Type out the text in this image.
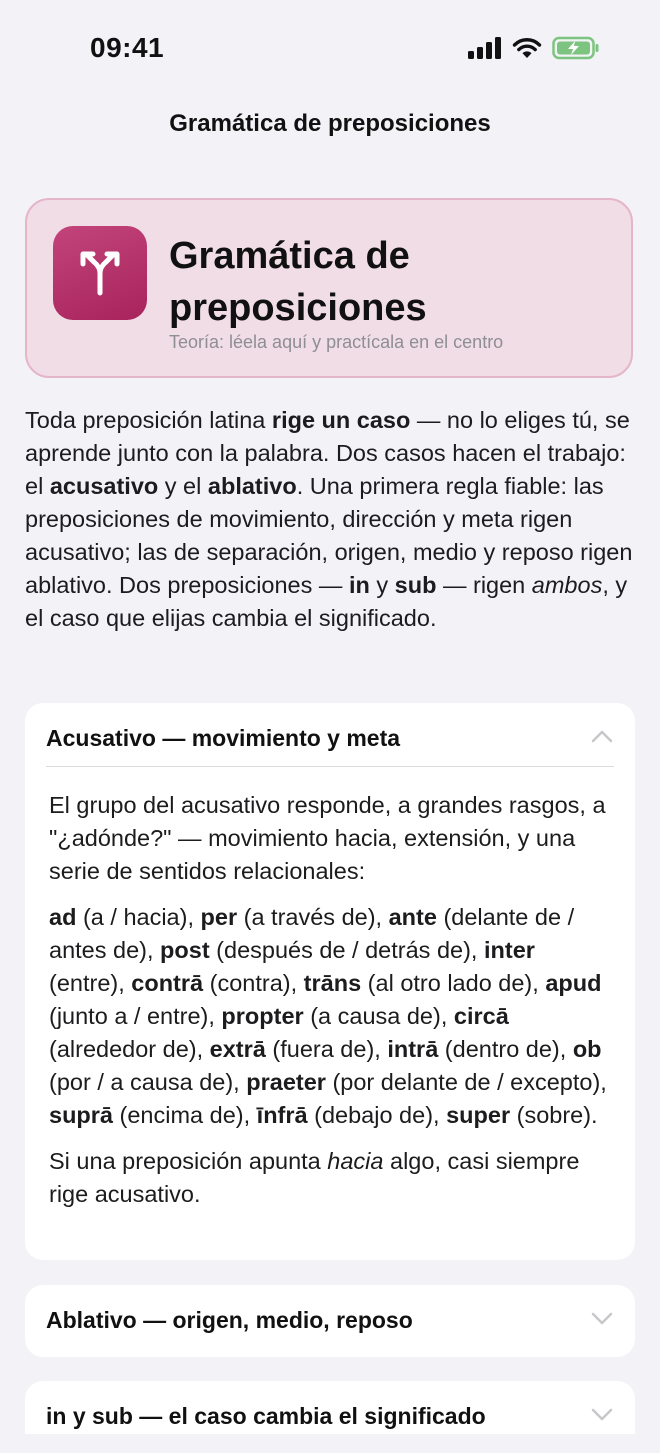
09:41
Gramática de preposiciones
Gramática de preposiciones
Teoría: léela aquí y practícala en el centro
Toda preposición latina rige un caso — no lo eliges tú, se aprende junto con la palabra. Dos casos hacen el trabajo: el acusativo y el ablativo. Una primera regla fiable: las preposiciones de movimiento, dirección y meta rigen acusativo; las de separación, origen, medio y reposo rigen ablativo. Dos preposiciones — in y sub — rigen ambos, y el caso que elijas cambia el significado.
Acusativo — movimiento y meta

El grupo del acusativo responde, a grandes rasgos, a "¿adónde?" — movimiento hacia, extensión, y una serie de sentidos relacionales:

ad (a / hacia), per (a través de), ante (delante de / antes de), post (después de / detrás de), inter (entre), contrā (contra), trāns (al otro lado de), apud (junto a / entre), propter (a causa de), circā (alrededor de), extrā (fuera de), intrā (dentro de), ob (por / a causa de), praeter (por delante de / excepto), suprā (encima de), īnfrā (debajo de), super (sobre).

Si una preposición apunta hacia algo, casi siempre rige acusativo.

Ablativo — origen, medio, reposo
in y sub — el caso cambia el significado
